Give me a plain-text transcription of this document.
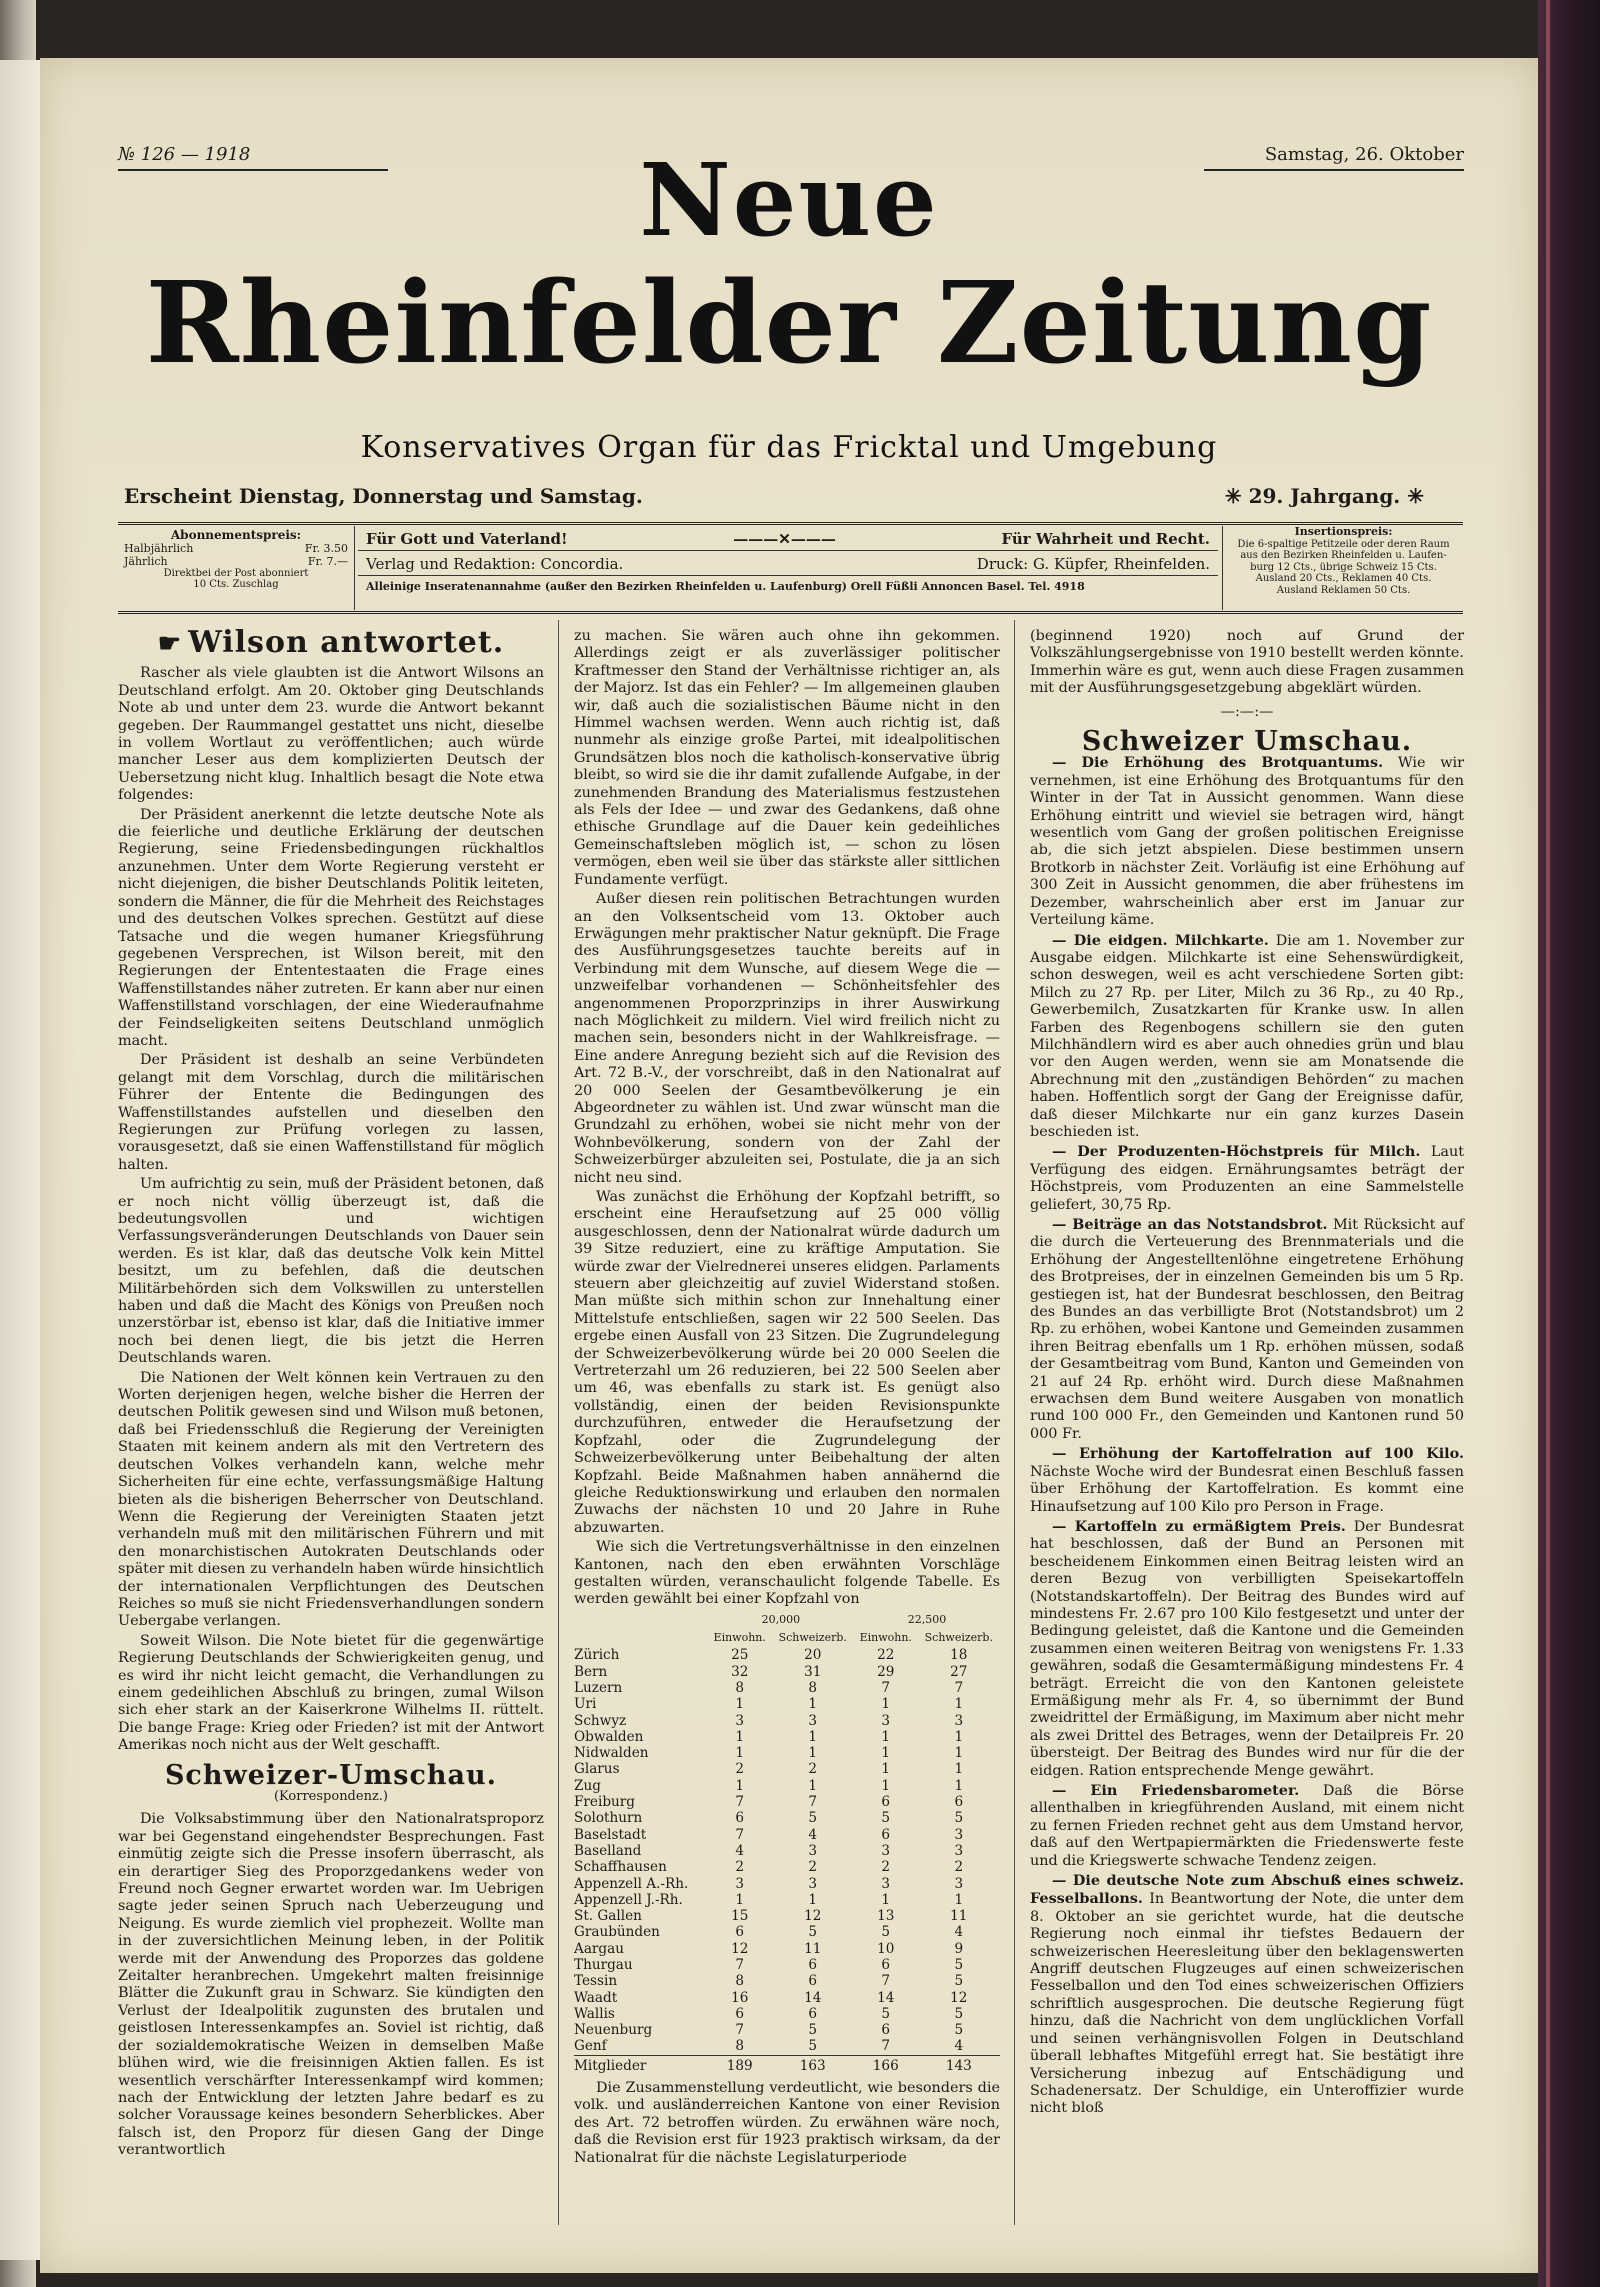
№ 126 — 1918	Samstag, 26. Oktober
Neue
Rheinfelder Zeitung
Konservatives Organ für das Fricktal und Umgebung
Erscheint Dienstag, Donnerstag und Samstag.	✳ 29. Jahrgang. ✳
Abonnementspreis:
Halbjährlich	Fr. 3.50
Jährlich	Fr. 7.—
Direktbei der Post abonniert
10 Cts. Zuschlag
Für Gott und Vaterland!	———✕———	Für Wahrheit und Recht.
Verlag und Redaktion: Concordia.	Druck: G. Küpfer, Rheinfelden.
Alleinige Inseratenannahme (außer den Bezirken Rheinfelden u. Laufenburg) Orell Füßli Annoncen Basel. Tel. 4918
Insertionspreis:
Die 6-spaltige Petitzeile oder deren Raum
aus den Bezirken Rheinfelden u. Laufen-
burg 12 Cts., übrige Schweiz 15 Cts.
Ausland 20 Cts., Reklamen 40 Cts.
Ausland Reklamen 50 Cts.
☛ Wilson antwortet.

Rascher als viele glaubten ist die Antwort Wilsons an Deutschland erfolgt. Am 20. Oktober ging Deutschlands Note ab und unter dem 23. wurde die Antwort bekannt gegeben. Der Raummangel gestattet uns nicht, dieselbe in vollem Wortlaut zu veröffentlichen; auch würde mancher Leser aus dem komplizierten Deutsch der Uebersetzung nicht klug. Inhaltlich besagt die Note etwa folgendes:

Der Präsident anerkennt die letzte deutsche Note als die feierliche und deutliche Erklärung der deutschen Regierung, seine Friedensbedingungen rückhaltlos anzunehmen. Unter dem Worte Regierung versteht er nicht diejenigen, die bisher Deutschlands Politik leiteten, sondern die Männer, die für die Mehrheit des Reichstages und des deutschen Volkes sprechen. Gestützt auf diese Tatsache und die wegen humaner Kriegsführung gegebenen Versprechen, ist Wilson bereit, mit den Regierungen der Ententestaaten die Frage eines Waffenstillstandes näher zutreten. Er kann aber nur einen Waffenstillstand vorschlagen, der eine Wiederaufnahme der Feindseligkeiten seitens Deutschland unmöglich macht.

Der Präsident ist deshalb an seine Verbündeten gelangt mit dem Vorschlag, durch die militärischen Führer der Entente die Bedingungen des Waffenstillstandes aufstellen und dieselben den Regierungen zur Prüfung vorlegen zu lassen, vorausgesetzt, daß sie einen Waffenstillstand für möglich halten.

Um aufrichtig zu sein, muß der Präsident betonen, daß er noch nicht völlig überzeugt ist, daß die bedeutungsvollen und wichtigen Verfassungsveränderungen Deutschlands von Dauer sein werden. Es ist klar, daß das deutsche Volk kein Mittel besitzt, um zu befehlen, daß die deutschen Militärbehörden sich dem Volkswillen zu unterstellen haben und daß die Macht des Königs von Preußen noch unzerstörbar ist, ebenso ist klar, daß die Initiative immer noch bei denen liegt, die bis jetzt die Herren Deutschlands waren.

Die Nationen der Welt können kein Vertrauen zu den Worten derjenigen hegen, welche bisher die Herren der deutschen Politik gewesen sind und Wilson muß betonen, daß bei Friedensschluß die Regierung der Vereinigten Staaten mit keinem andern als mit den Vertretern des deutschen Volkes verhandeln kann, welche mehr Sicherheiten für eine echte, verfassungsmäßige Haltung bieten als die bisherigen Beherrscher von Deutschland. Wenn die Regierung der Vereinigten Staaten jetzt verhandeln muß mit den militärischen Führern und mit den monarchistischen Autokraten Deutschlands oder später mit diesen zu verhandeln haben würde hinsichtlich der internationalen Verpflichtungen des Deutschen Reiches so muß sie nicht Friedensverhandlungen sondern Uebergabe verlangen.

Soweit Wilson. Die Note bietet für die gegenwärtige Regierung Deutschlands der Schwierigkeiten genug, und es wird ihr nicht leicht gemacht, die Verhandlungen zu einem gedeihlichen Abschluß zu bringen, zumal Wilson sich eher stark an der Kaiserkrone Wilhelms II. rüttelt. Die bange Frage: Krieg oder Frieden? ist mit der Antwort Amerikas noch nicht aus der Welt geschafft.

Schweizer-Umschau.
(Korrespondenz.)

Die Volksabstimmung über den Nationalratsproporz war bei Gegenstand eingehendster Besprechungen. Fast einmütig zeigte sich die Presse insofern überrascht, als ein derartiger Sieg des Proporzgedankens weder von Freund noch Gegner erwartet worden war. Im Uebrigen sagte jeder seinen Spruch nach Ueberzeugung und Neigung. Es wurde ziemlich viel prophezeit. Wollte man in der zuversichtlichen Meinung leben, in der Politik werde mit der Anwendung des Proporzes das goldene Zeitalter heranbrechen. Umgekehrt malten freisinnige Blätter die Zukunft grau in Schwarz. Sie kündigten den Verlust der Idealpolitik zugunsten des brutalen und geistlosen Interessenkampfes an. Soviel ist richtig, daß der sozialdemokratische Weizen in demselben Maße blühen wird, wie die freisinnigen Aktien fallen. Es ist wesentlich verschärfter Interessenkampf wird kommen; nach der Entwicklung der letzten Jahre bedarf es zu solcher Voraussage keines besondern Seherblickes. Aber falsch ist, den Proporz für diesen Gang der Dinge verantwortlich

zu machen. Sie wären auch ohne ihn gekommen. Allerdings zeigt er als zuverlässiger politischer Kraftmesser den Stand der Verhältnisse richtiger an, als der Majorz. Ist das ein Fehler? — Im allgemeinen glauben wir, daß auch die sozialistischen Bäume nicht in den Himmel wachsen werden. Wenn auch richtig ist, daß nunmehr als einzige große Partei, mit idealpolitischen Grundsätzen blos noch die katholisch-konservative übrig bleibt, so wird sie die ihr damit zufallende Aufgabe, in der zunehmenden Brandung des Materialismus festzustehen als Fels der Idee — und zwar des Gedankens, daß ohne ethische Grundlage auf die Dauer kein gedeihliches Gemeinschaftsleben möglich ist, — schon zu lösen vermögen, eben weil sie über das stärkste aller sittlichen Fundamente verfügt.

Außer diesen rein politischen Betrachtungen wurden an den Volksentscheid vom 13. Oktober auch Erwägungen mehr praktischer Natur geknüpft. Die Frage des Ausführungsgesetzes tauchte bereits auf in Verbindung mit dem Wunsche, auf diesem Wege die — unzweifelbar vorhandenen — Schönheitsfehler des angenommenen Proporzprinzips in ihrer Auswirkung nach Möglichkeit zu mildern. Viel wird freilich nicht zu machen sein, besonders nicht in der Wahlkreisfrage. — Eine andere Anregung bezieht sich auf die Revision des Art. 72 B.-V., der vorschreibt, daß in den Nationalrat auf 20 000 Seelen der Gesamtbevölkerung je ein Abgeordneter zu wählen ist. Und zwar wünscht man die Grundzahl zu erhöhen, wobei sie nicht mehr von der Wohnbevölkerung, sondern von der Zahl der Schweizerbürger abzuleiten sei, Postulate, die ja an sich nicht neu sind.

Was zunächst die Erhöhung der Kopfzahl betrifft, so erscheint eine Heraufsetzung auf 25 000 völlig ausgeschlossen, denn der Nationalrat würde dadurch um 39 Sitze reduziert, eine zu kräftige Amputation. Sie würde zwar der Vielrednerei unseres elidgen. Parlaments steuern aber gleichzeitig auf zuviel Widerstand stoßen. Man müßte sich mithin schon zur Innehaltung einer Mittelstufe entschließen, sagen wir 22 500 Seelen. Das ergebe einen Ausfall von 23 Sitzen. Die Zugrundelegung der Schweizerbevölkerung würde bei 20 000 Seelen die Vertreterzahl um 26 reduzieren, bei 22 500 Seelen aber um 46, was ebenfalls zu stark ist. Es genügt also vollständig, einen der beiden Revisionspunkte durchzuführen, entweder die Heraufsetzung der Kopfzahl, oder die Zugrundelegung der Schweizerbevölkerung unter Beibehaltung der alten Kopfzahl. Beide Maßnahmen haben annähernd die gleiche Reduktionswirkung und erlauben den normalen Zuwachs der nächsten 10 und 20 Jahre in Ruhe abzuwarten.

Wie sich die Vertretungsverhältnisse in den einzelnen Kantonen, nach den eben erwähnten Vorschläge gestalten würden, veranschaulicht folgende Tabelle. Es werden gewählt bei einer Kopfzahl von

	20,000		22,500	
	Einwohn.	Schweizerb.	Einwohn.	Schweizerb.
Zürich	25	20	22	18
Bern	32	31	29	27
Luzern	8	8	7	7
Uri	1	1	1	1
Schwyz	3	3	3	3
Obwalden	1	1	1	1
Nidwalden	1	1	1	1
Glarus	2	2	1	1
Zug	1	1	1	1
Freiburg	7	7	6	6
Solothurn	6	5	5	5
Baselstadt	7	4	6	3
Baselland	4	3	3	3
Schaffhausen	2	2	2	2
Appenzell A.-Rh.	3	3	3	3
Appenzell J.-Rh.	1	1	1	1
St. Gallen	15	12	13	11
Graubünden	6	5	5	4
Aargau	12	11	10	9
Thurgau	7	6	6	5
Tessin	8	6	7	5
Waadt	16	14	14	12
Wallis	6	6	5	5
Neuenburg	7	5	6	5
Genf	8	5	7	4
Mitglieder	189	163	166	143

Die Zusammenstellung verdeutlicht, wie besonders die volk. und ausländerreichen Kantone von einer Revision des Art. 72 betroffen würden. Zu erwähnen wäre noch, daß die Revision erst für 1923 praktisch wirksam, da der Nationalrat für die nächste Legislaturperiode

(beginnend 1920) noch auf Grund der Volkszählungsergebnisse von 1910 bestellt werden könnte. Immerhin wäre es gut, wenn auch diese Fragen zusammen mit der Ausführungsgesetzgebung abgeklärt würden.

—:—:—
Schweizer Umschau.

— Die Erhöhung des Brotquantums. Wie wir vernehmen, ist eine Erhöhung des Brotquantums für den Winter in der Tat in Aussicht genommen. Wann diese Erhöhung eintritt und wieviel sie betragen wird, hängt wesentlich vom Gang der großen politischen Ereignisse ab, die sich jetzt abspielen. Diese bestimmen unsern Brotkorb in nächster Zeit. Vorläufig ist eine Erhöhung auf 300 Zeit in Aussicht genommen, die aber frühestens im Dezember, wahrscheinlich aber erst im Januar zur Verteilung käme.

— Die eidgen. Milchkarte. Die am 1. November zur Ausgabe eidgen. Milchkarte ist eine Sehenswürdigkeit, schon deswegen, weil es acht verschiedene Sorten gibt: Milch zu 27 Rp. per Liter, Milch zu 36 Rp., zu 40 Rp., Gewerbemilch, Zusatzkarten für Kranke usw. In allen Farben des Regenbogens schillern sie den guten Milchhändlern wird es aber auch ohnedies grün und blau vor den Augen werden, wenn sie am Monatsende die Abrechnung mit den „zuständigen Behörden“ zu machen haben. Hoffentlich sorgt der Gang der Ereignisse dafür, daß dieser Milchkarte nur ein ganz kurzes Dasein beschieden ist.

— Der Produzenten-Höchstpreis für Milch. Laut Verfügung des eidgen. Ernährungsamtes beträgt der Höchstpreis, vom Produzenten an eine Sammelstelle geliefert, 30,75 Rp.

— Beiträge an das Notstandsbrot. Mit Rücksicht auf die durch die Verteuerung des Brennmaterials und die Erhöhung der Angestelltenlöhne eingetretene Erhöhung des Brotpreises, der in einzelnen Gemeinden bis um 5 Rp. gestiegen ist, hat der Bundesrat beschlossen, den Beitrag des Bundes an das verbilligte Brot (Notstandsbrot) um 2 Rp. zu erhöhen, wobei Kantone und Gemeinden zusammen ihren Beitrag ebenfalls um 1 Rp. erhöhen müssen, sodaß der Gesamtbeitrag vom Bund, Kanton und Gemeinden von 21 auf 24 Rp. erhöht wird. Durch diese Maßnahmen erwachsen dem Bund weitere Ausgaben von monatlich rund 100 000 Fr., den Gemeinden und Kantonen rund 50 000 Fr.

— Erhöhung der Kartoffelration auf 100 Kilo. Nächste Woche wird der Bundesrat einen Beschluß fassen über Erhöhung der Kartoffelration. Es kommt eine Hinaufsetzung auf 100 Kilo pro Person in Frage.

— Kartoffeln zu ermäßigtem Preis. Der Bundesrat hat beschlossen, daß der Bund an Personen mit bescheidenem Einkommen einen Beitrag leisten wird an deren Bezug von verbilligten Speisekartoffeln (Notstandskartoffeln). Der Beitrag des Bundes wird auf mindestens Fr. 2.67 pro 100 Kilo festgesetzt und unter der Bedingung geleistet, daß die Kantone und die Gemeinden zusammen einen weiteren Beitrag von wenigstens Fr. 1.33 gewähren, sodaß die Gesamtermäßigung mindestens Fr. 4 beträgt. Erreicht die von den Kantonen geleistete Ermäßigung mehr als Fr. 4, so übernimmt der Bund zweidrittel der Ermäßigung, im Maximum aber nicht mehr als zwei Drittel des Betrages, wenn der Detailpreis Fr. 20 übersteigt. Der Beitrag des Bundes wird nur für die der eidgen. Ration entsprechende Menge gewährt.

— Ein Friedensbarometer. Daß die Börse allenthalben in kriegführenden Ausland, mit einem nicht zu fernen Frieden rechnet geht aus dem Umstand hervor, daß auf den Wertpapiermärkten die Friedenswerte feste und die Kriegswerte schwache Tendenz zeigen.

— Die deutsche Note zum Abschuß eines schweiz. Fesselballons. In Beantwortung der Note, die unter dem 8. Oktober an sie gerichtet wurde, hat die deutsche Regierung noch einmal ihr tiefstes Bedauern der schweizerischen Heeresleitung über den beklagenswerten Angriff deutschen Flugzeuges auf einen schweizerischen Fesselballon und den Tod eines schweizerischen Offiziers schriftlich ausgesprochen. Die deutsche Regierung fügt hinzu, daß die Nachricht von dem unglücklichen Vorfall und seinen verhängnisvollen Folgen in Deutschland überall lebhaftes Mitgefühl erregt hat. Sie bestätigt ihre Versicherung inbezug auf Entschädigung und Schadenersatz. Der Schuldige, ein Unteroffizier wurde nicht bloß
